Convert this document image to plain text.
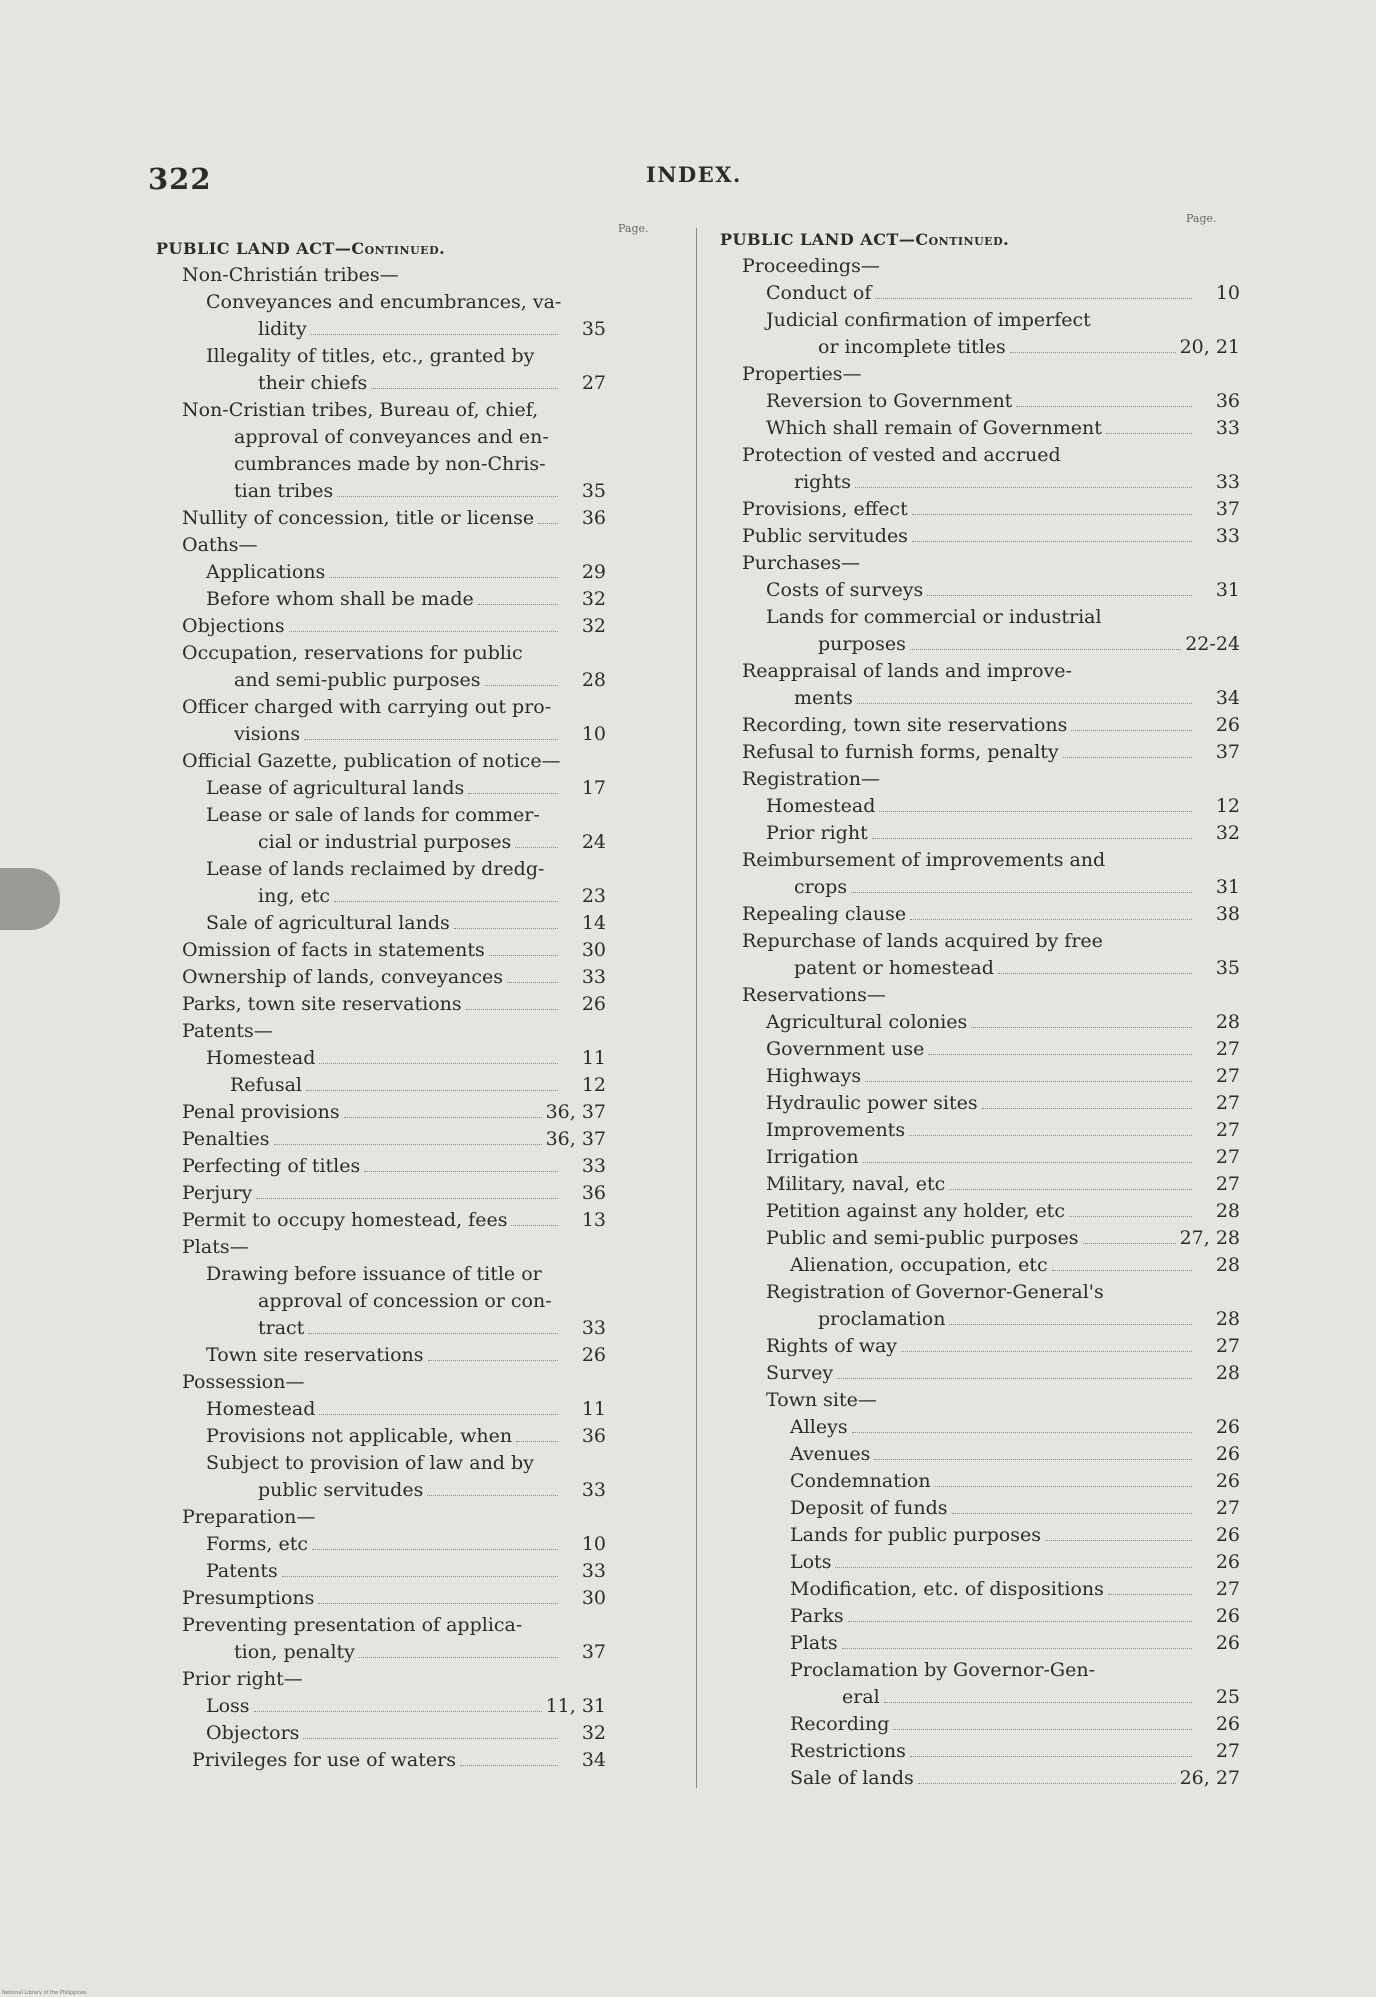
322	INDEX.
Page.
Page.
PUBLIC LAND ACT—Continued.
Non-Christián tribes—
Conveyances and encumbrances, va-
lidity	35
Illegality of titles, etc., granted by
their chiefs	27
Non-Cristian tribes, Bureau of, chief,
approval of conveyances and en-
cumbrances made by non-Chris-
tian tribes	35
Nullity of concession, title or license	36
Oaths—
Applications	29
Before whom shall be made	32
Objections	32
Occupation, reservations for public
and semi-public purposes	28
Officer charged with carrying out pro-
visions	10
Official Gazette, publication of notice—
Lease of agricultural lands	17
Lease or sale of lands for commer-
cial or industrial purposes	24
Lease of lands reclaimed by dredg-
ing, etc	23
Sale of agricultural lands	14
Omission of facts in statements	30
Ownership of lands, conveyances	33
Parks, town site reservations	26
Patents—
Homestead	11
Refusal	12
Penal provisions	36, 37
Penalties	36, 37
Perfecting of titles	33
Perjury	36
Permit to occupy homestead, fees	13
Plats—
Drawing before issuance of title or
approval of concession or con-
tract	33
Town site reservations	26
Possession—
Homestead	11
Provisions not applicable, when	36
Subject to provision of law and by
public servitudes	33
Preparation—
Forms, etc	10
Patents	33
Presumptions	30
Preventing presentation of applica-
tion, penalty	37
Prior right—
Loss	11, 31
Objectors	32
Privileges for use of waters	34
PUBLIC LAND ACT—Continued.
Proceedings—
Conduct of	10
Judicial confirmation of imperfect
or incomplete titles	20, 21
Properties—
Reversion to Government	36
Which shall remain of Government	33
Protection of vested and accrued
rights	33
Provisions, effect	37
Public servitudes	33
Purchases—
Costs of surveys	31
Lands for commercial or industrial
purposes	22-24
Reappraisal of lands and improve-
ments	34
Recording, town site reservations	26
Refusal to furnish forms, penalty	37
Registration—
Homestead	12
Prior right	32
Reimbursement of improvements and
crops	31
Repealing clause	38
Repurchase of lands acquired by free
patent or homestead	35
Reservations—
Agricultural colonies	28
Government use	27
Highways	27
Hydraulic power sites	27
Improvements	27
Irrigation	27
Military, naval, etc	27
Petition against any holder, etc	28
Public and semi-public purposes	27, 28
Alienation, occupation, etc	28
Registration of Governor-General's
proclamation	28
Rights of way	27
Survey	28
Town site—
Alleys	26
Avenues	26
Condemnation	26
Deposit of funds	27
Lands for public purposes	26
Lots	26
Modification, etc. of dispositions	27
Parks	26
Plats	26
Proclamation by Governor-Gen-
eral	25
Recording	26
Restrictions	27
Sale of lands	26, 27
National Library of the Philippines
